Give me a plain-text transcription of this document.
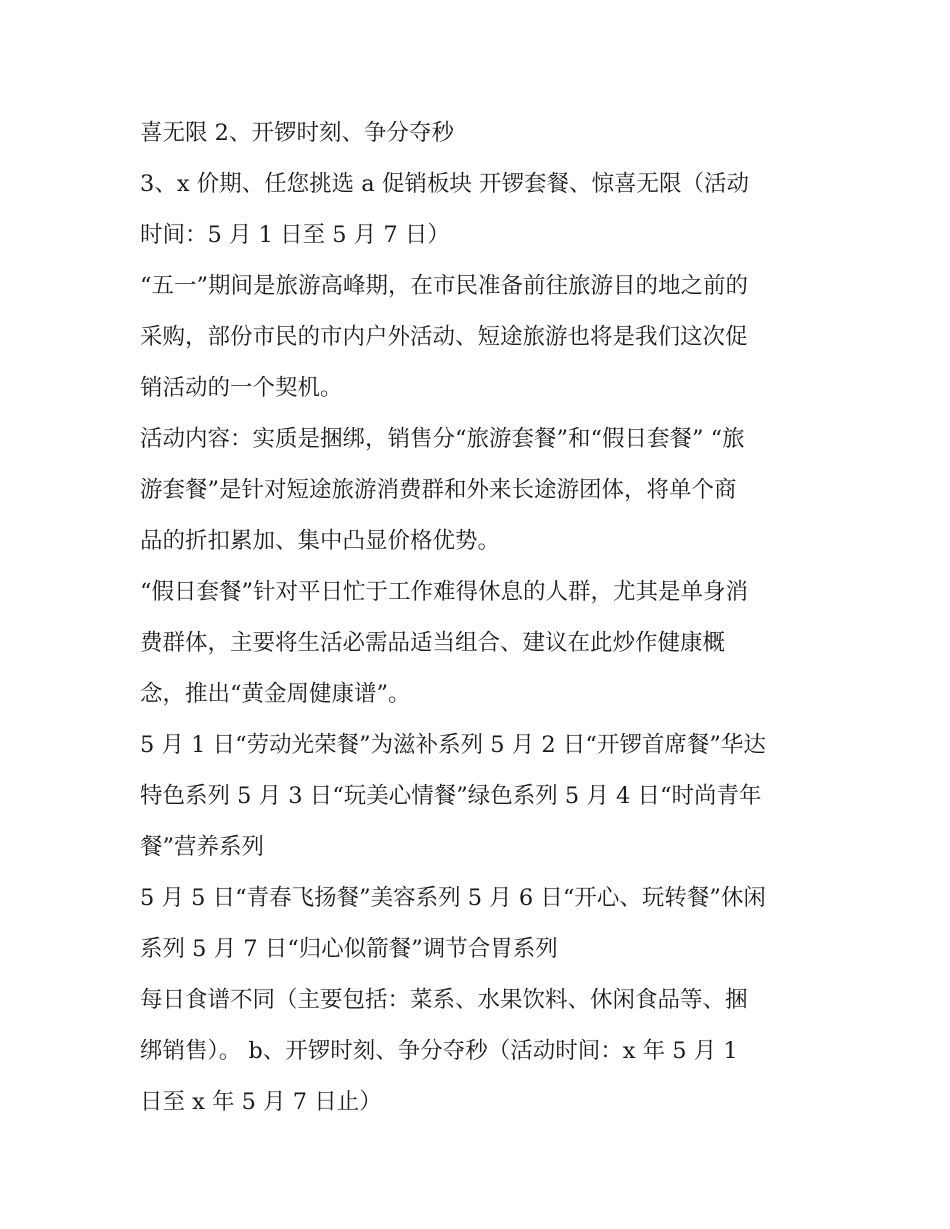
喜无限 2、开锣时刻、争分夺秒
3、x 价期、任您挑选 a 促销板块 开锣套餐、惊喜无限（活动
时间：5 月 1 日至 5 月 7 日）
“五一”期间是旅游高峰期，在市民准备前往旅游目的地之前的
采购，部份市民的市内户外活动、短途旅游也将是我们这次促
销活动的一个契机。
活动内容：实质是捆绑，销售分“旅游套餐”和“假日套餐” “旅
游套餐”是针对短途旅游消费群和外来长途游团体，将单个商
品的折扣累加、集中凸显价格优势。
“假日套餐”针对平日忙于工作难得休息的人群，尤其是单身消
费群体，主要将生活必需品适当组合、建议在此炒作健康概
念，推出“黄金周健康谱”。
5 月 1 日“劳动光荣餐”为滋补系列 5 月 2 日“开锣首席餐”华达
特色系列 5 月 3 日“玩美心情餐”绿色系列 5 月 4 日“时尚青年
餐”营养系列
5 月 5 日“青春飞扬餐”美容系列 5 月 6 日“开心、玩转餐”休闲
系列 5 月 7 日“归心似箭餐”调节合胃系列
每日食谱不同（主要包括：菜系、水果饮料、休闲食品等、捆
绑销售）。 b、开锣时刻、争分夺秒（活动时间：x 年 5 月 1
日至 x 年 5 月 7 日止）
